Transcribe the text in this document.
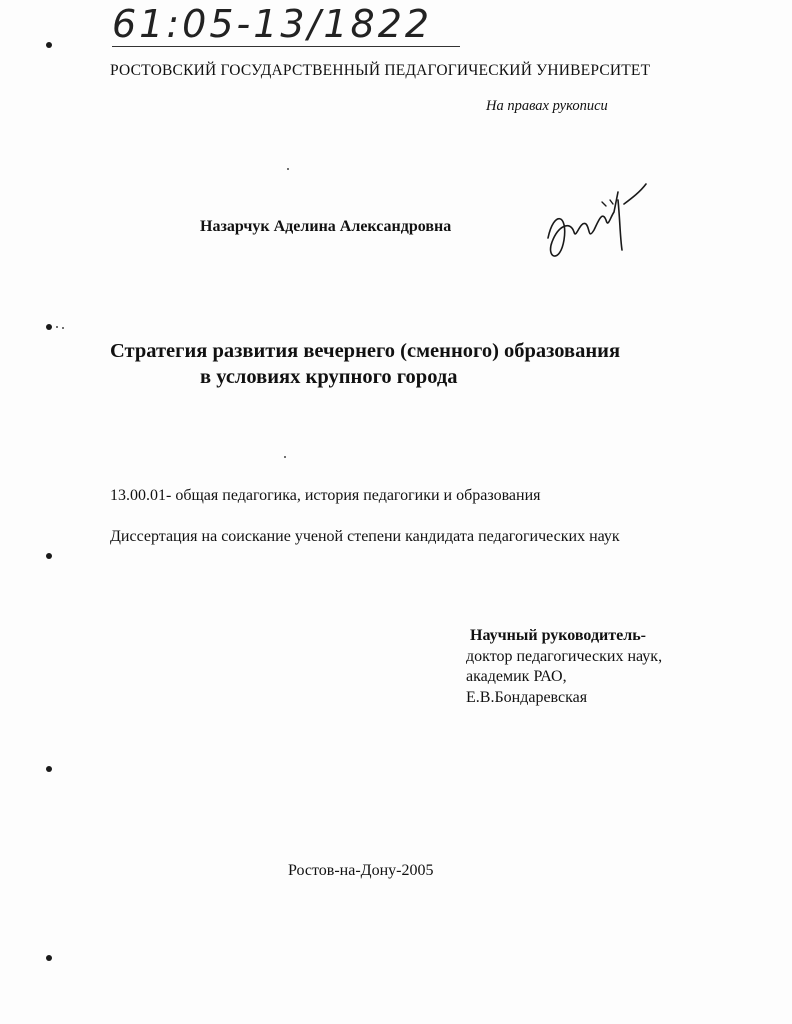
61:05-13/1822
РОСТОВСКИЙ ГОСУДАРСТВЕННЫЙ ПЕДАГОГИЧЕСКИЙ УНИВЕРСИТЕТ
На правах рукописи
Назарчук Аделина Александровна
Стратегия развития вечернего (сменного) образования
в условиях крупного города
13.00.01- общая педагогика, история педагогики и образования
Диссертация на соискание ученой степени кандидата педагогических наук
Научный руководитель-
доктор педагогических наук,
академик РАО,
Е.В.Бондаревская
Ростов-на-Дону-2005
